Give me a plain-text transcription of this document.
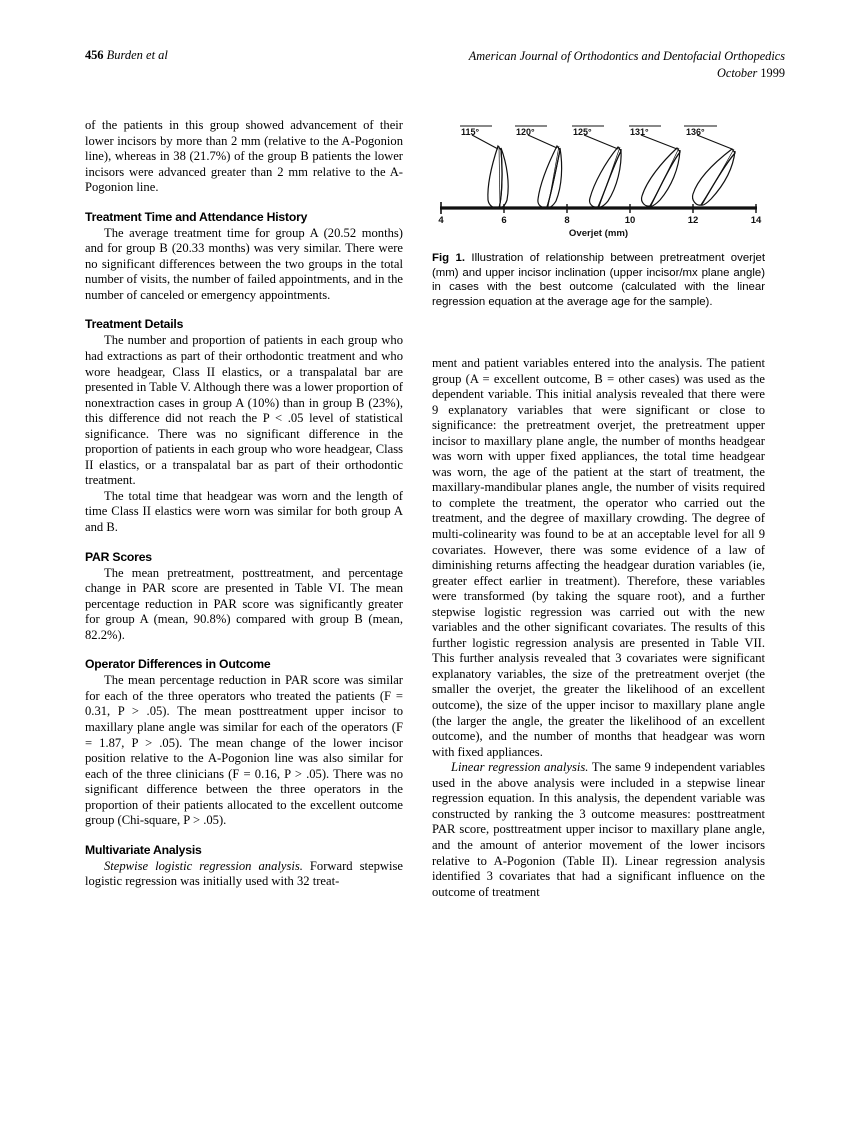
456 Burden et al	American Journal of Orthodontics and Dentofacial Orthopedics
October 1999

of the patients in this group showed advancement of their lower incisors by more than 2 mm (relative to the A-Pogonion line), whereas in 38 (21.7%) of the group B patients the lower incisors were advanced greater than 2 mm relative to the A-Pogonion line.

Treatment Time and Attendance History

The average treatment time for group A (20.52 months) and for group B (20.33 months) was very similar. There were no significant differences between the two groups in the total number of visits, the number of failed appointments, and in the number of canceled or emergency appointments.

Treatment Details

The number and proportion of patients in each group who had extractions as part of their orthodontic treatment and who wore headgear, Class II elastics, or a transpalatal bar are presented in Table V. Although there was a lower proportion of nonextraction cases in group A (10%) than in group B (23%), this difference did not reach the P < .05 level of statistical significance. There was no significant difference in the proportion of patients in each group who wore headgear, Class II elastics, or a transpalatal bar as part of their orthodontic treatment.

The total time that headgear was worn and the length of time Class II elastics were worn was similar for both group A and B.

PAR Scores

The mean pretreatment, posttreatment, and percentage change in PAR score are presented in Table VI. The mean percentage reduction in PAR score was significantly greater for group A (mean, 90.8%) compared with group B (mean, 82.2%).

Operator Differences in Outcome

The mean percentage reduction in PAR score was similar for each of the three operators who treated the patients (F = 0.31, P > .05). The mean posttreatment upper incisor to maxillary plane angle was similar for each of the operators (F = 1.87, P > .05). The mean change of the lower incisor position relative to the A-Pogonion line was also similar for each of the three clinicians (F = 0.16, P > .05). There was no significant difference between the three operators in the proportion of their patients allocated to the excellent outcome group (Chi-square, P > .05).

Multivariate Analysis

Stepwise logistic regression analysis. Forward stepwise logistic regression was initially used with 32 treat-

115°	120°	125°	131°	136°
4	6	8	10	12	14
Overjet (mm)
Fig 1. Illustration of relationship between pretreatment overjet (mm) and upper incisor inclination (upper incisor/mx plane angle) in cases with the best outcome (calculated with the linear regression equation at the average age for the sample).

ment and patient variables entered into the analysis. The patient group (A = excellent outcome, B = other cases) was used as the dependent variable. This initial analysis revealed that there were 9 explanatory variables that were significant or close to significance: the pretreatment overjet, the pretreatment upper incisor to maxillary plane angle, the number of months headgear was worn with upper fixed appliances, the total time headgear was worn, the age of the patient at the start of treatment, the maxillary-mandibular planes angle, the number of visits required to complete the treatment, the operator who carried out the treatment, and the degree of maxillary crowding. The degree of multi-colinearity was found to be at an acceptable level for all 9 covariates. However, there was some evidence of a law of diminishing returns affecting the headgear duration variables (ie, greater effect earlier in treatment). Therefore, these variables were transformed (by taking the square root), and a further stepwise logistic regression was carried out with the new variables and the other significant covariates. The results of this further logistic regression analysis are presented in Table VII. This further analysis revealed that 3 covariates were significant explanatory variables, the size of the pretreatment overjet (the smaller the overjet, the greater the likelihood of an excellent outcome), the size of the upper incisor to maxillary plane angle (the larger the angle, the greater the likelihood of an excellent outcome), and the number of months that headgear was worn with fixed appliances.

Linear regression analysis. The same 9 independent variables used in the above analysis were included in a stepwise linear regression equation. In this analysis, the dependent variable was constructed by ranking the 3 outcome measures: posttreatment PAR score, posttreatment upper incisor to maxillary plane angle, and the amount of anterior movement of the lower incisors relative to A-Pogonion (Table II). Linear regression analysis identified 3 covariates that had a significant influence on the outcome of treatment
